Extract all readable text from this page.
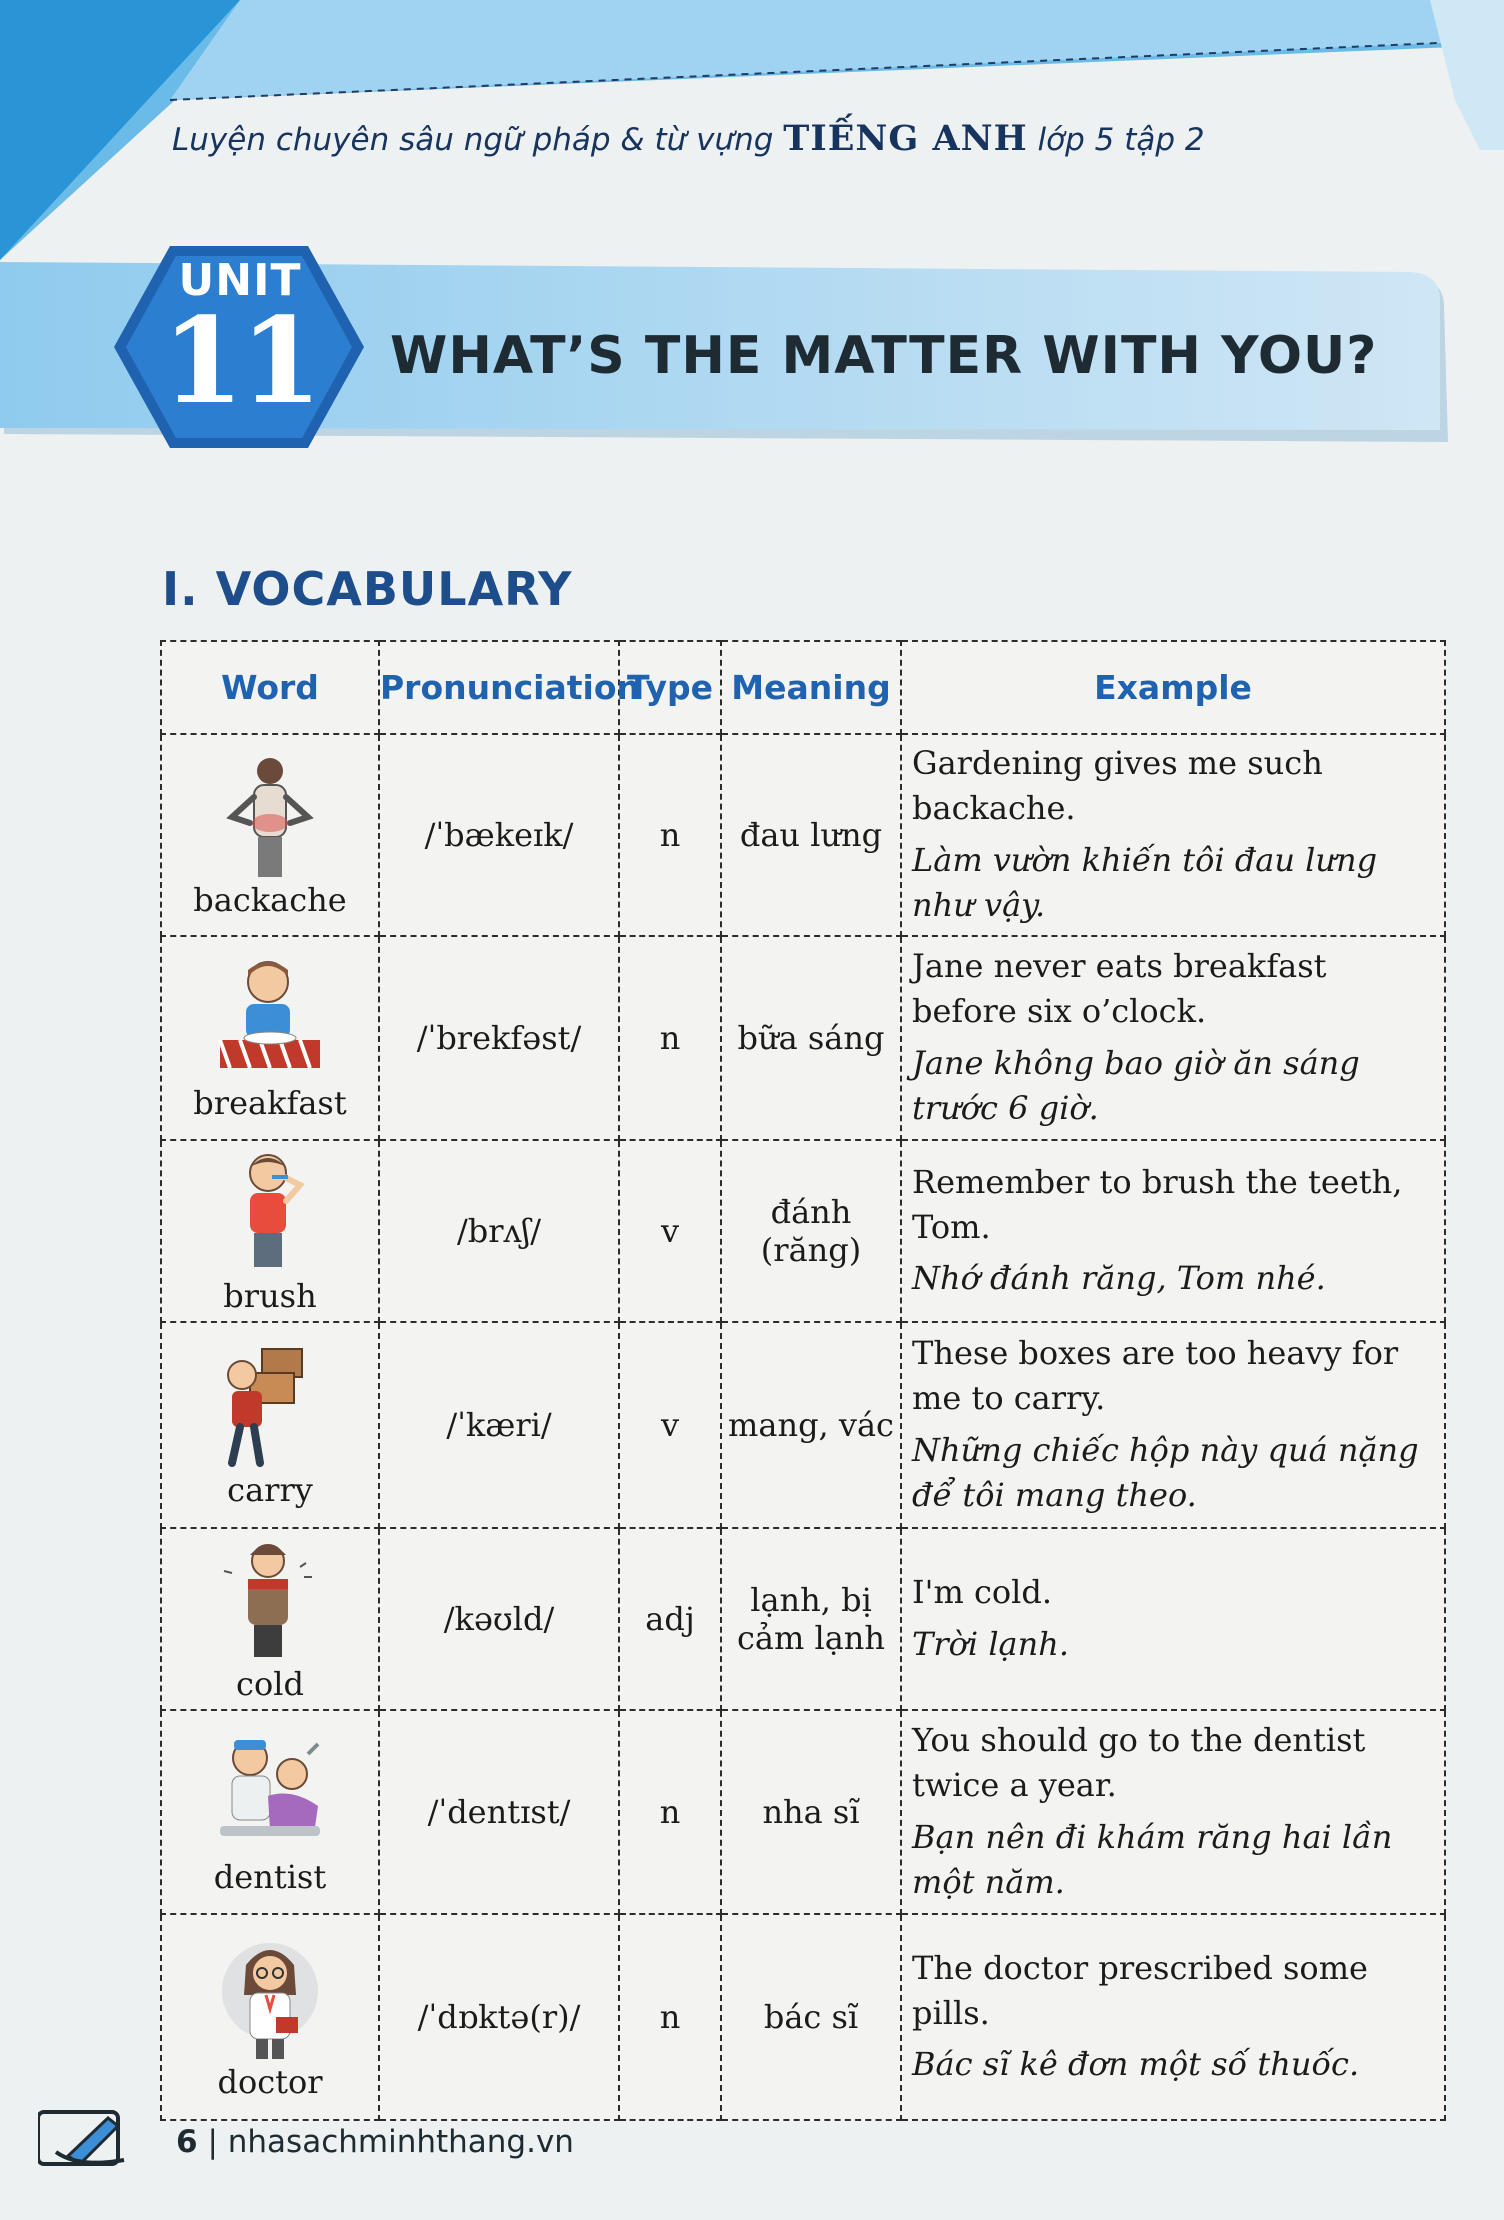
Luyện chuyên sâu ngữ pháp & từ vựng TIẾNG ANH lớp 5 tập 2
UNIT
11 WHAT’S THE MATTER WITH YOU?
I. VOCABULARY
Word	Pronunciation	Type	Meaning	Example

backache	/ˈbækeɪk/	n	đau lưng	Gardening gives me such backache.
Làm vườn khiến tôi đau lưng như vậy.

breakfast	/ˈbrekfəst/	n	bữa sáng	Jane never eats breakfast before six o’clock.
Jane không bao giờ ăn sáng trước 6 giờ.

brush	/brʌʃ/	v	đánh (răng)	Remember to brush the teeth, Tom.
Nhớ đánh răng, Tom nhé.

carry	/ˈkæri/	v	mang, vác	These boxes are too heavy for me to carry.
Những chiếc hộp này quá nặng để tôi mang theo.

cold	/kəʊld/	adj	lạnh, bị cảm lạnh	I'm cold.
Trời lạnh.

dentist	/ˈdentɪst/	n	nha sĩ	You should go to the dentist twice a year.
Bạn nên đi khám răng hai lần một năm.

doctor	/ˈdɒktə(r)/	n	bác sĩ	The doctor prescribed some pills.
Bác sĩ kê đơn một số thuốc.
6 | nhasachminhthang.vn
